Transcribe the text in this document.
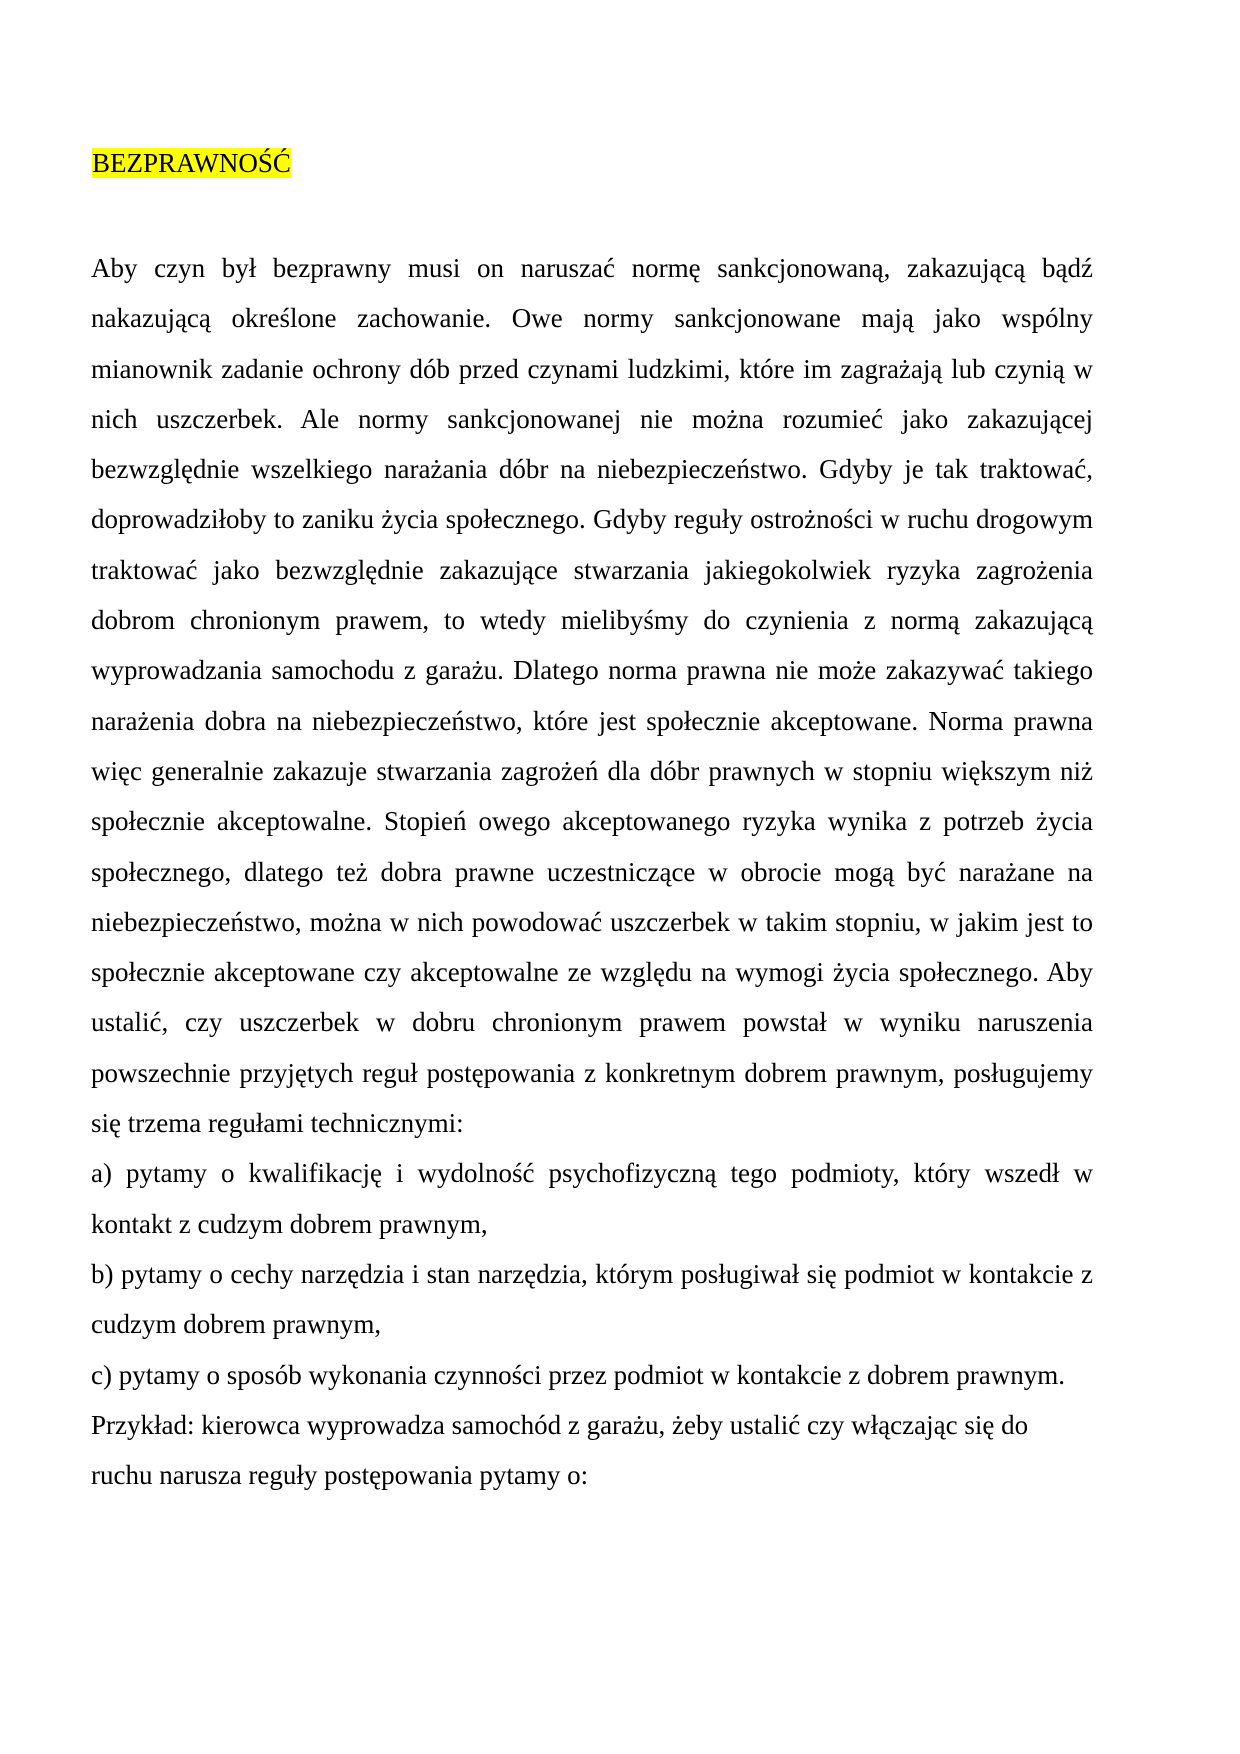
BEZPRAWNOŚĆ

Aby czyn był bezprawny musi on naruszać normę sankcjonowaną, zakazującą bądź nakazującą określone zachowanie. Owe normy sankcjonowane mają jako wspólny mianownik zadanie ochrony dób przed czynami ludzkimi, które im zagrażają lub czynią w nich uszczerbek. Ale normy sankcjonowanej nie można rozumieć jako zakazującej bezwzględnie wszelkiego narażania dóbr na niebezpieczeństwo. Gdyby je tak traktować, doprowadziłoby to zaniku życia społecznego. Gdyby reguły ostrożności w ruchu drogowym traktować jako bezwzględnie zakazujące stwarzania jakiegokolwiek ryzyka zagrożenia dobrom chronionym prawem, to wtedy mielibyśmy do czynienia z normą zakazującą wyprowadzania samochodu z garażu. Dlatego norma prawna nie może zakazywać takiego narażenia dobra na niebezpieczeństwo, które jest społecznie akceptowane. Norma prawna więc generalnie zakazuje stwarzania zagrożeń dla dóbr prawnych w stopniu większym niż społecznie akceptowalne. Stopień owego akceptowanego ryzyka wynika z potrzeb życia społecznego, dlatego też dobra prawne uczestniczące w obrocie mogą być narażane na niebezpieczeństwo, można w nich powodować uszczerbek w takim stopniu, w jakim jest to społecznie akceptowane czy akceptowalne ze względu na wymogi życia społecznego. Aby ustalić, czy uszczerbek w dobru chronionym prawem powstał w wyniku naruszenia powszechnie przyjętych reguł postępowania z konkretnym dobrem prawnym, posługujemy się trzema regułami technicznymi:

a) pytamy o kwalifikację i wydolność psychofizyczną tego podmioty, który wszedł w kontakt z cudzym dobrem prawnym,

b) pytamy o cechy narzędzia i stan narzędzia, którym posługiwał się podmiot w kontakcie z cudzym dobrem prawnym,

c) pytamy o sposób wykonania czynności przez podmiot w kontakcie z dobrem prawnym.

Przykład: kierowca wyprowadza samochód z garażu, żeby ustalić czy włączając się do ruchu narusza reguły postępowania pytamy o:
